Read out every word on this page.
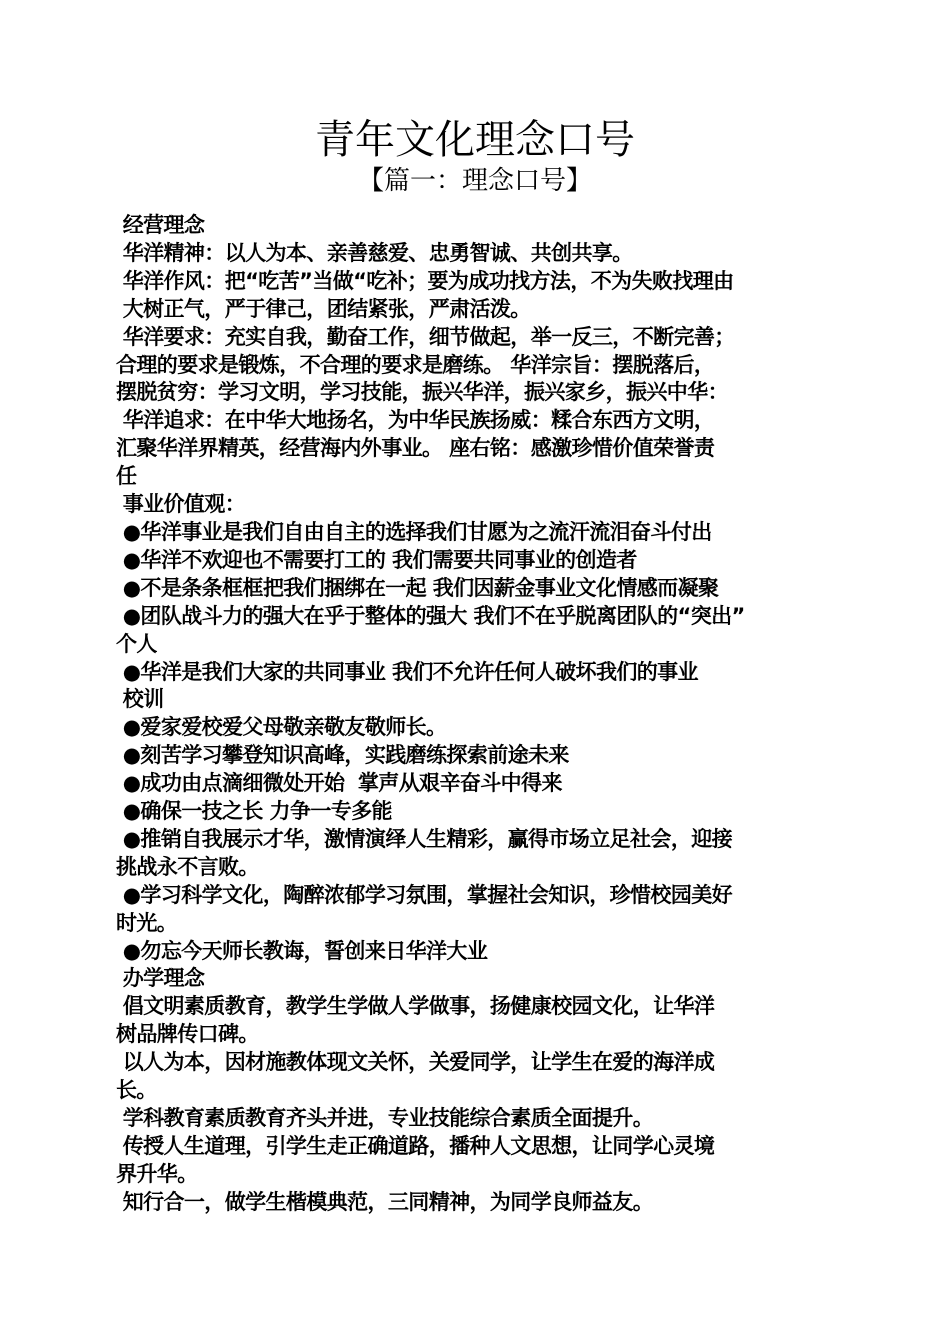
青年文化理念口号
【篇一：理念口号】
经营理念
华洋精神：以人为本、亲善慈爱、忠勇智诚、共创共享。
华洋作风：把“吃苦”当做“吃补；要为成功找方法，不为失败找理由
大树正气，严于律己，团结紧张，严肃活泼。
华洋要求：充实自我，勤奋工作，细节做起，举一反三，不断完善；
合理的要求是锻炼，不合理的要求是磨练。 华洋宗旨：摆脱落后，
摆脱贫穷：学习文明，学习技能，振兴华洋，振兴家乡，振兴中华：
华洋追求：在中华大地扬名，为中华民族扬威：糅合东西方文明，
汇聚华洋界精英，经营海内外事业。 座右铭：感激珍惜价值荣誉责
任
事业价值观：
●华洋事业是我们自由自主的选择我们甘愿为之流汗流泪奋斗付出
●华洋不欢迎也不需要打工的 我们需要共同事业的创造者
●不是条条框框把我们捆绑在一起 我们因薪金事业文化情感而凝聚
●团队战斗力的强大在乎于整体的强大 我们不在乎脱离团队的“突出”
个人
●华洋是我们大家的共同事业 我们不允许任何人破坏我们的事业
校训
●爱家爱校爱父母敬亲敬友敬师长。
●刻苦学习攀登知识高峰，实践磨练探索前途未来
●成功由点滴细微处开始  掌声从艰辛奋斗中得来
●确保一技之长 力争一专多能
●推销自我展示才华，激情演绎人生精彩，赢得市场立足社会，迎接
挑战永不言败。
●学习科学文化，陶醉浓郁学习氛围，掌握社会知识，珍惜校园美好
时光。
●勿忘今天师长教诲，誓创来日华洋大业
办学理念
倡文明素质教育，教学生学做人学做事，扬健康校园文化，让华洋
树品牌传口碑。
以人为本，因材施教体现文关怀，关爱同学，让学生在爱的海洋成
长。
学科教育素质教育齐头并进，专业技能综合素质全面提升。
传授人生道理，引学生走正确道路，播种人文思想，让同学心灵境
界升华。
知行合一，做学生楷模典范，三同精神，为同学良师益友。
